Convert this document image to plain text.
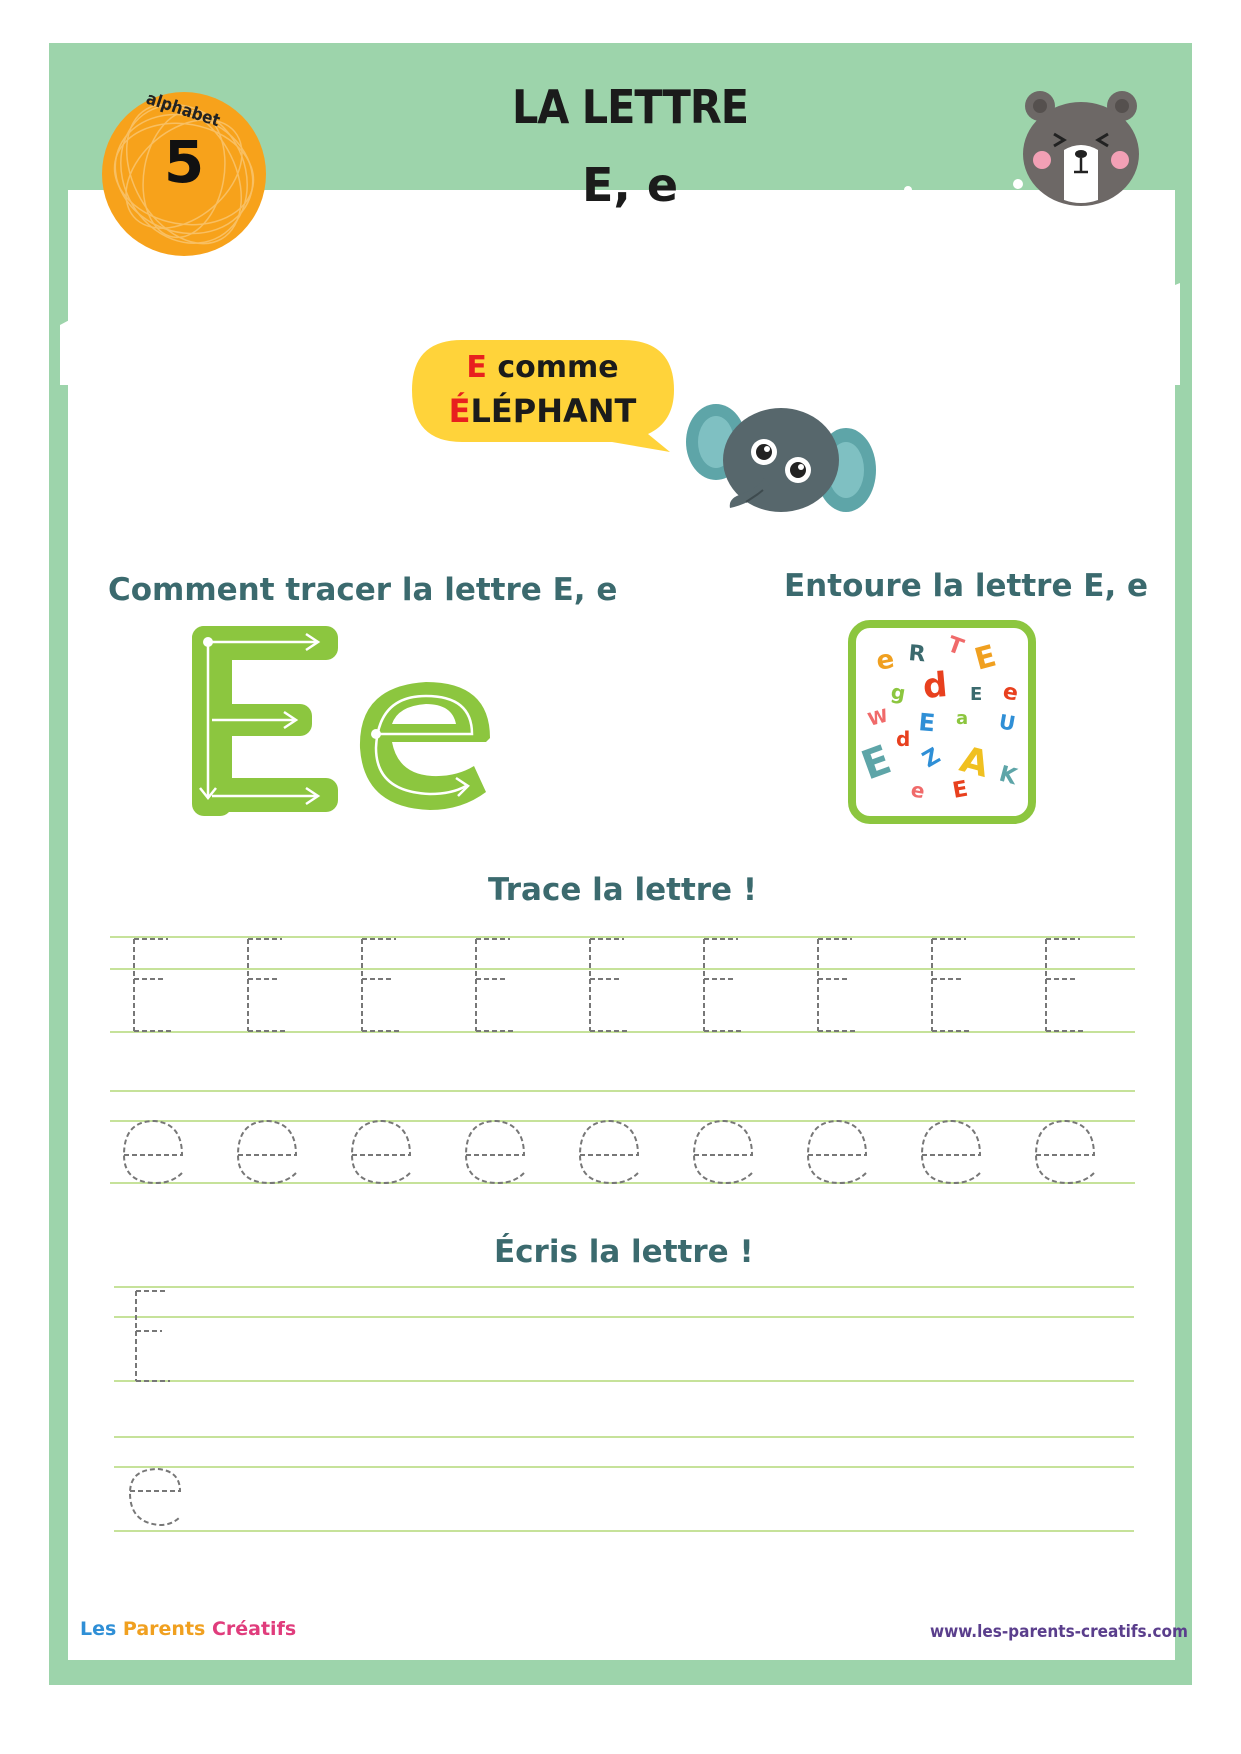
alphabet
5
LA LETTRE
E, e
E comme
ÉLÉPHANT
Comment tracer la lettre E, e	Entoure la lettre E, e
e R T E
g d E e
W E a U
d
E A
Z
e E
K
Trace la lettre !
Écris la lettre !
Les Parents Créatifs	www.les-parents-creatifs.com
